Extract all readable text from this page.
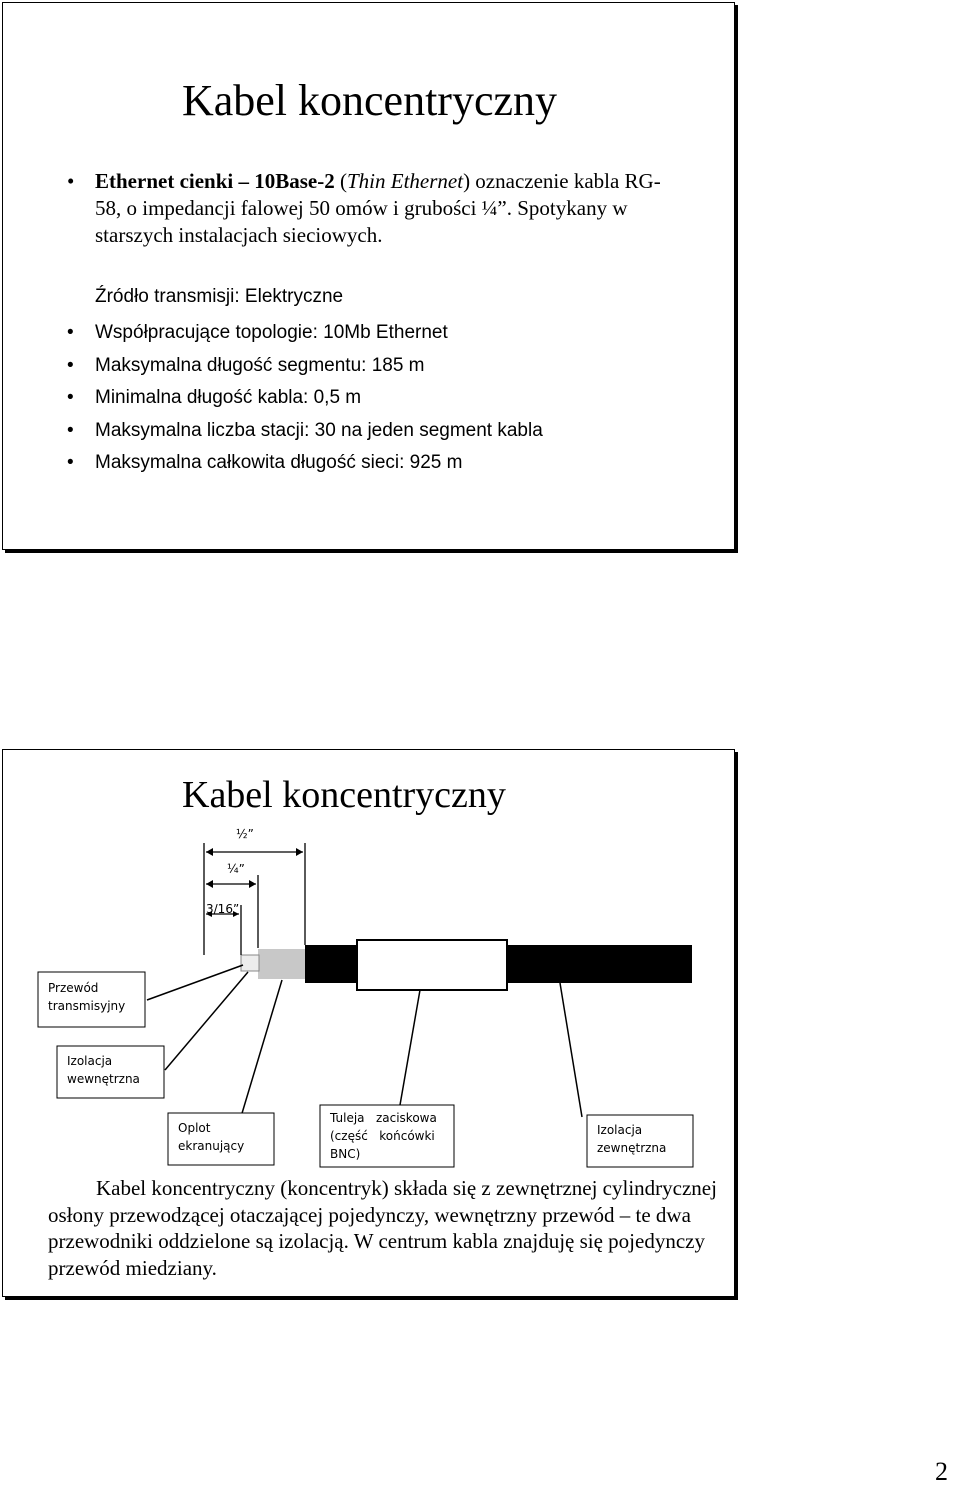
Kabel koncentryczny
• Ethernet cienki – 10Base-2 (Thin Ethernet) oznaczenie kabla RG-58, o impedancji falowej 50 omów i grubości ¼”. Spotykany w starszych instalacjach sieciowych.
Źródło transmisji: Elektryczne
• Współpracujące topologie: 10Mb Ethernet
• Maksymalna długość segmentu: 185 m
• Minimalna długość kabla: 0,5 m
• Maksymalna liczba stacji: 30 na jeden segment kabla
• Maksymalna całkowita długość sieci: 925 m
Kabel koncentryczny
½”
¼”
3/16”
Przewód
transmisyjny
Izolacja
wewnętrzna
Oplot
ekranujący
Tuleja   zaciskowa
(część   końcówki
BNC)
Izolacja
zewnętrzna
Kabel koncentryczny (koncentryk) składa się z zewnętrznej cylindrycznej osłony przewodzącej otaczającej pojedynczy, wewnętrzny przewód – te dwa przewodniki oddzielone są izolacją. W centrum kabla znajduję się pojedynczy przewód miedziany.
2
